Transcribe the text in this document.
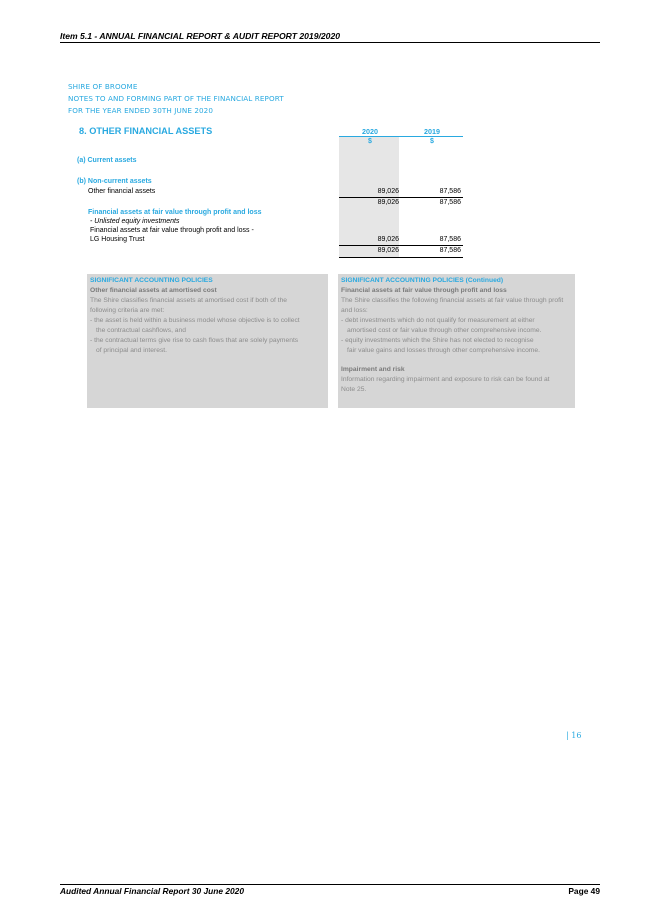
Item 5.1 - ANNUAL FINANCIAL REPORT & AUDIT REPORT 2019/2020
SHIRE OF BROOME
NOTES TO AND FORMING PART OF THE FINANCIAL REPORT
FOR THE YEAR ENDED 30TH JUNE 2020
8. OTHER FINANCIAL ASSETS	2020	2019
$	$
(a) Current assets
(b) Non-current assets
Other financial assets	89,026	87,586
89,026	87,586
Financial assets at fair value through profit and loss
- Unlisted equity investments
Financial assets at fair value through profit and loss -
LG Housing Trust	89,026	87,586
89,026	87,586
SIGNIFICANT ACCOUNTING POLICIES
Other financial assets at amortised cost
The Shire classifies financial assets at amortised cost if both of the
following criteria are met:
- the asset is held within a business model whose objective is to collect
the contractual cashflows, and
- the contractual terms give rise to cash flows that are solely payments
of principal and interest.
SIGNIFICANT ACCOUNTING POLICIES (Continued)
Financial assets at fair value through profit and loss
The Shire classifies the following financial assets at fair value through profit
and loss:
- debt investments which do not qualify for measurement at either
amortised cost or fair value through other comprehensive income.
- equity investments which the Shire has not elected to recognise
fair value gains and losses through other comprehensive income.
Impairment and risk
Information regarding impairment and exposure to risk can be found at
Note 25.
| 16
Audited Annual Financial Report 30 June 2020	Page 49
